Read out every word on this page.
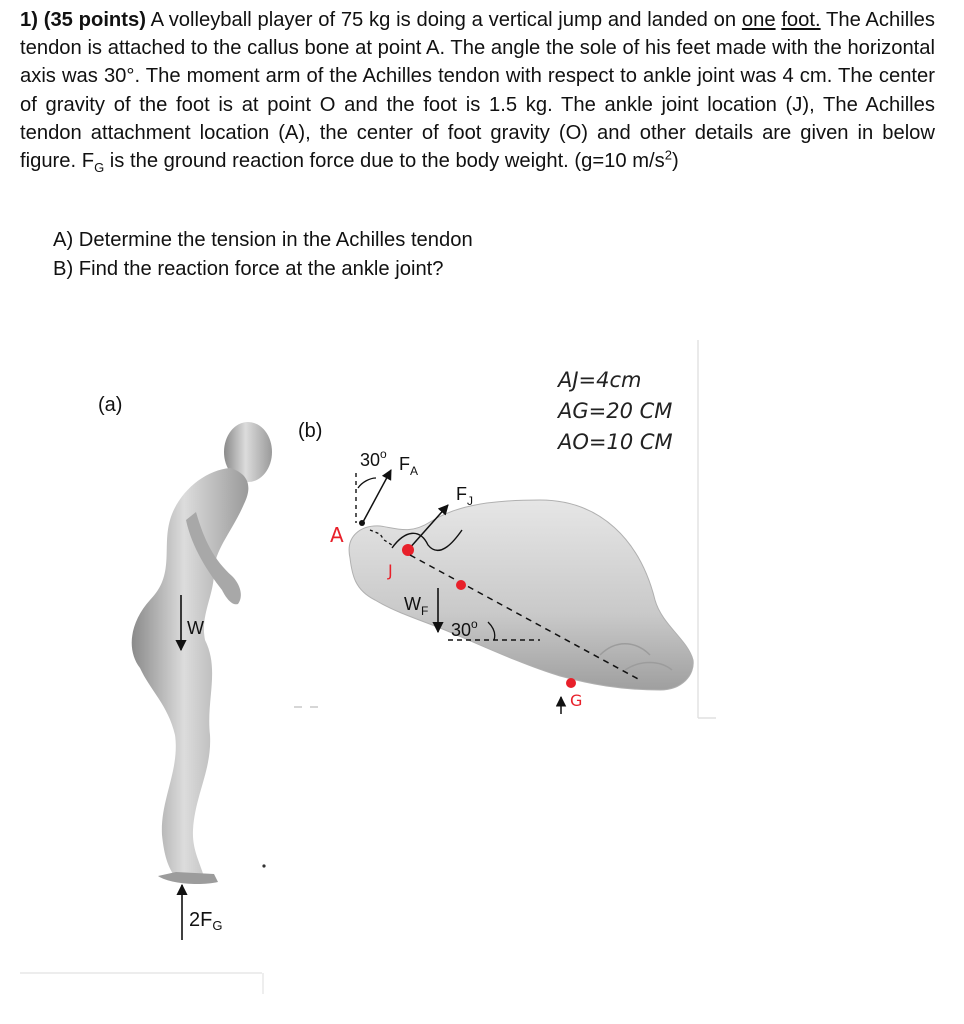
1) (35 points) A volleyball player of 75 kg is doing a vertical jump and landed on one foot. The Achilles tendon is attached to the callus bone at point A. The angle the sole of his feet made with the horizontal axis was 30°. The moment arm of the Achilles tendon with respect to ankle joint was 4 cm. The center of gravity of the foot is at point O and the foot is 1.5 kg. The ankle joint location (J), The Achilles tendon attachment location (A), the center of foot gravity (O) and other details are given in below figure. $F_G$ is the ground reaction force due to the body weight. (g=10 $m/s^2$)
A) Determine the tension in the Achilles tendon
B) Find the reaction force at the ankle joint?
(a)
W
$2F_G$
(b)
30$^o$ $F_A$
A
$F_J$
J
$W_F$
30$^o$
G
AJ=4cm
AG=20 CM
AO=10 CM
